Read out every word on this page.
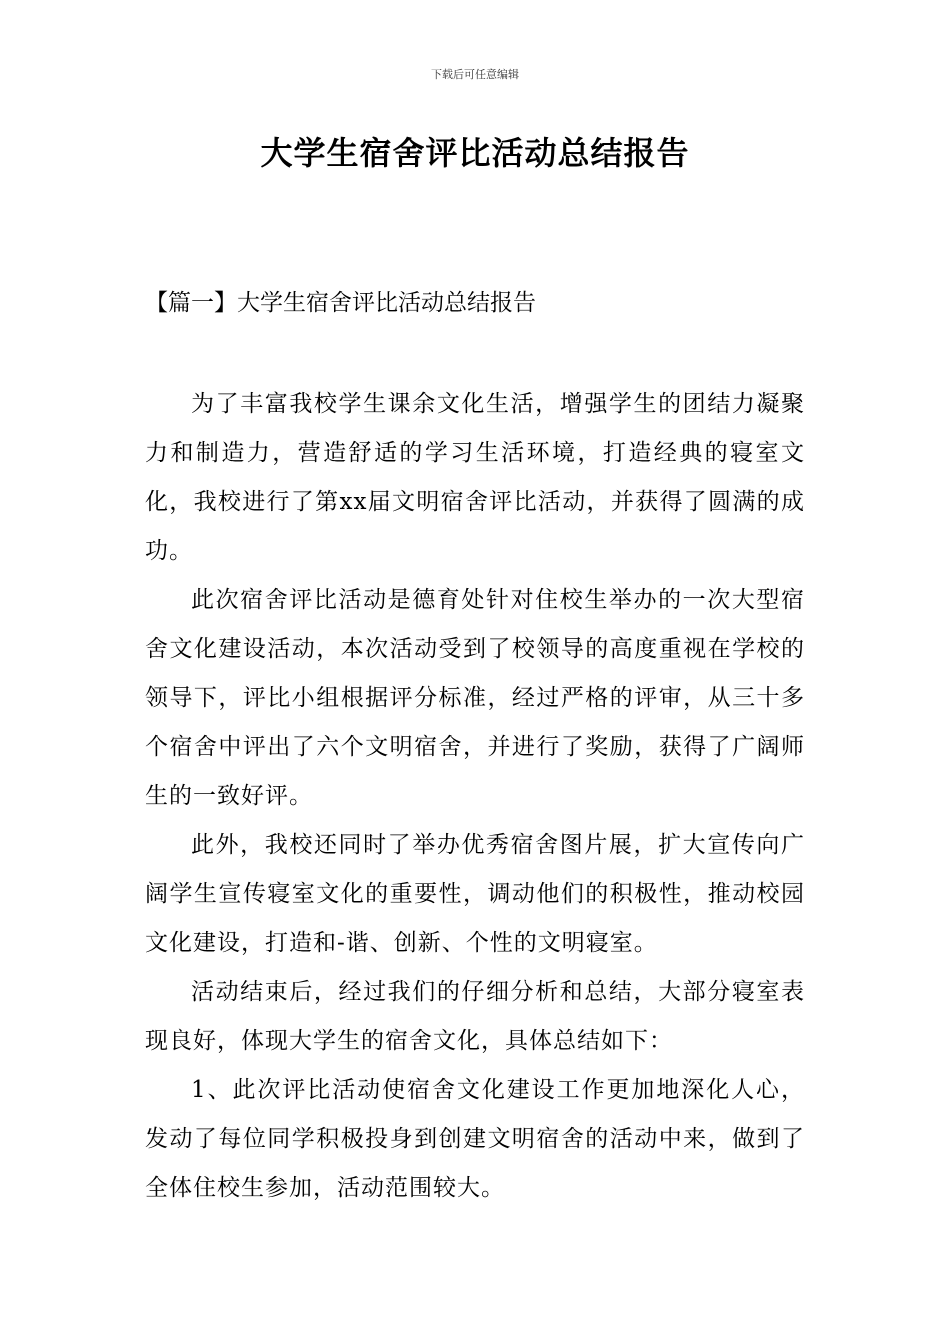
下载后可任意编辑
大学生宿舍评比活动总结报告
【篇一】大学生宿舍评比活动总结报告

为了丰富我校学生课余文化生活，增强学生的团结力凝聚力和制造力，营造舒适的学习生活环境，打造经典的寝室文化，我校进行了第xx届文明宿舍评比活动，并获得了圆满的成功。

此次宿舍评比活动是德育处针对住校生举办的一次大型宿舍文化建设活动，本次活动受到了校领导的高度重视在学校的领导下，评比小组根据评分标准，经过严格的评审，从三十多个宿舍中评出了六个文明宿舍，并进行了奖励，获得了广阔师生的一致好评。

此外，我校还同时了举办优秀宿舍图片展，扩大宣传向广阔学生宣传寝室文化的重要性，调动他们的积极性，推动校园文化建设，打造和-谐、创新、个性的文明寝室。

活动结束后，经过我们的仔细分析和总结，大部分寝室表现良好，体现大学生的宿舍文化，具体总结如下：

1、此次评比活动使宿舍文化建设工作更加地深化人心，发动了每位同学积极投身到创建文明宿舍的活动中来，做到了全体住校生参加，活动范围较大。
